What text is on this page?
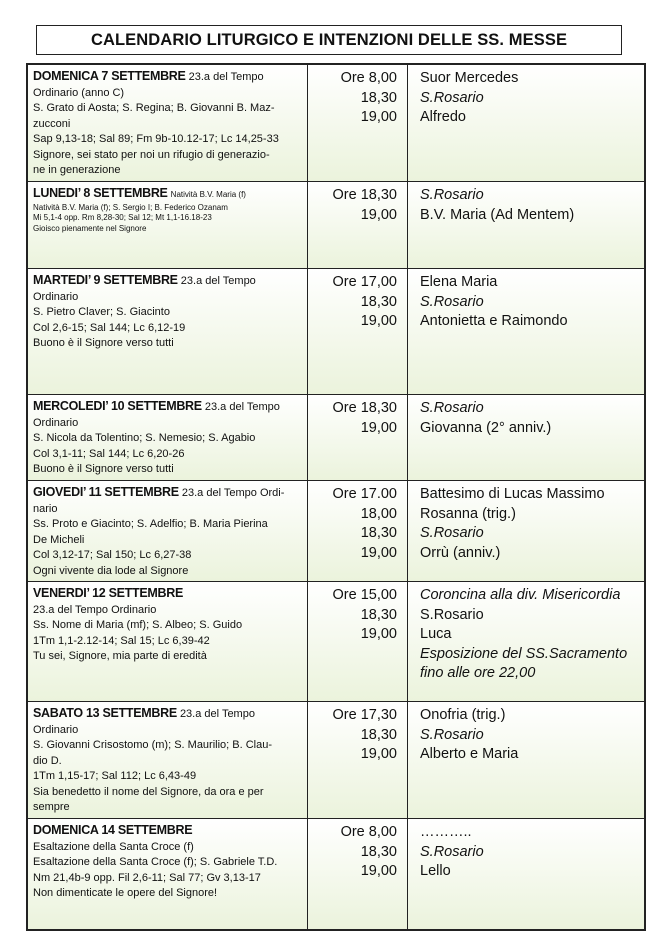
CALENDARIO LITURGICO E INTENZIONI DELLE SS. MESSE
DOMENICA 7 SETTEMBRE 23.a del Tempo
Ordinario (anno C)
S. Grato di Aosta; S. Regina; B. Giovanni B. Maz-
zucconi
Sap 9,13-18; Sal 89; Fm 9b-10.12-17; Lc 14,25-33
Signore, sei stato per noi un rifugio di generazio-
ne in generazione
Ore 8,00
18,30
19,00
Suor Mercedes
S.Rosario
Alfredo
LUNEDI’ 8 SETTEMBRE Natività B.V. Maria (f)
Natività B.V. Maria (f); S. Sergio I; B. Federico Ozanam
Mi 5,1-4 opp. Rm 8,28-30; Sal 12; Mt 1,1-16.18-23
Gioisco pienamente nel Signore
Ore 18,30
19,00
S.Rosario
B.V. Maria (Ad Mentem)
MARTEDI’ 9 SETTEMBRE 23.a del Tempo
Ordinario
S. Pietro Claver; S. Giacinto
Col 2,6-15; Sal 144; Lc 6,12-19
Buono è il Signore verso tutti
Ore 17,00
18,30
19,00
Elena Maria
S.Rosario
Antonietta e Raimondo
MERCOLEDI’ 10 SETTEMBRE 23.a del Tempo
Ordinario
S. Nicola da Tolentino; S. Nemesio; S. Agabio
Col 3,1-11; Sal 144; Lc 6,20-26
Buono è il Signore verso tutti
Ore 18,30
19,00
S.Rosario
Giovanna (2° anniv.)
GIOVEDI’ 11 SETTEMBRE 23.a del Tempo Ordi-
nario
Ss. Proto e Giacinto; S. Adelfio; B. Maria Pierina
De Micheli
Col 3,12-17; Sal 150; Lc 6,27-38
Ogni vivente dia lode al Signore
Ore 17.00
18,00
18,30
19,00
Battesimo di Lucas Massimo
Rosanna (trig.)
S.Rosario
Orrù (anniv.)
VENERDI’ 12 SETTEMBRE
23.a del Tempo Ordinario
Ss. Nome di Maria (mf); S. Albeo; S. Guido
1Tm 1,1-2.12-14; Sal 15; Lc 6,39-42
Tu sei, Signore, mia parte di eredità
Ore 15,00
18,30
19,00
Coroncina alla div. Misericordia
S.Rosario
Luca
Esposizione del SS.Sacramento fino alle ore 22,00
SABATO 13 SETTEMBRE 23.a del Tempo
Ordinario
S. Giovanni Crisostomo (m); S. Maurilio; B. Clau-
dio D.
1Tm 1,15-17; Sal 112; Lc 6,43-49
Sia benedetto il nome del Signore, da ora e per
sempre
Ore 17,30
18,30
19,00
Onofria (trig.)
S.Rosario
Alberto e Maria
DOMENICA 14 SETTEMBRE
Esaltazione della Santa Croce (f)
Esaltazione della Santa Croce (f); S. Gabriele T.D.
Nm 21,4b-9 opp. Fil 2,6-11; Sal 77; Gv 3,13-17
Non dimenticate le opere del Signore!
Ore 8,00
18,30
19,00
………..
S.Rosario
Lello
